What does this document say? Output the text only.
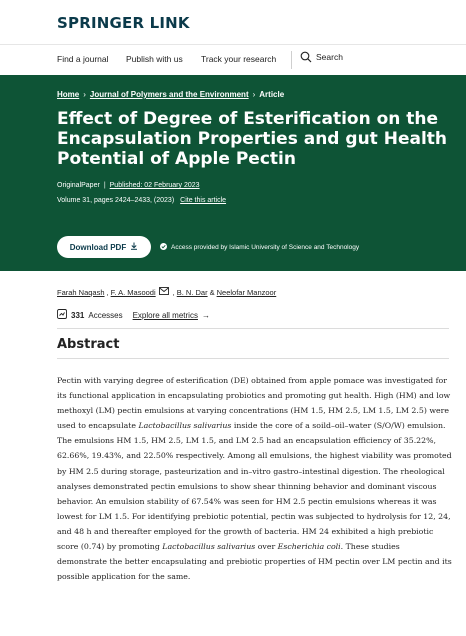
SPRINGER LINK
Find a journal Publish with us Track your research	Search
Home › Journal of Polymers and the Environment › Article
Effect of Degree of Esterification on the Encapsulation Properties and gut Health Potential of Apple Pectin
OriginalPaper | Published: 02 February 2023
Volume 31, pages 2424–2433, (2023) Cite this article
Download PDF	Access provided by Islamic University of Science and Technology
Farah Naqash , F. A. Masoodi , B. N. Dar & Neelofar Manzoor
331 Accesses Explore all metrics →
Abstract

Pectin with varying degree of esterification (DE) obtained from apple pomace was investigated for its functional application in encapsulating probiotics and promoting gut health. High (HM) and low methoxyl (LM) pectin emulsions at varying concentrations (HM 1.5, HM 2.5, LM 1.5, LM 2.5) were used to encapsulate Lactobacillus salivarius inside the core of a soild–oil–water (S/O/W) emulsion. The emulsions HM 1.5, HM 2.5, LM 1.5, and LM 2.5 had an encapsulation efficiency of 35.22%, 62.66%, 19.43%, and 22.50% respectively. Among all emulsions, the highest viability was promoted by HM 2.5 during storage, pasteurization and in–vitro gastro–intestinal digestion. The rheological analyses demonstrated pectin emulsions to show shear thinning behavior and dominant viscous behavior. An emulsion stability of 67.54% was seen for HM 2.5 pectin emulsions whereas it was lowest for LM 1.5. For identifying prebiotic potential, pectin was subjected to hydrolysis for 12, 24, and 48 h and thereafter employed for the growth of bacteria. HM 24 exhibited a high prebiotic score (0.74) by promoting Lactobacillus salivarius over Escherichia coli. These studies demonstrate the better encapsulating and prebiotic properties of HM pectin over LM pectin and its possible application for the same.
